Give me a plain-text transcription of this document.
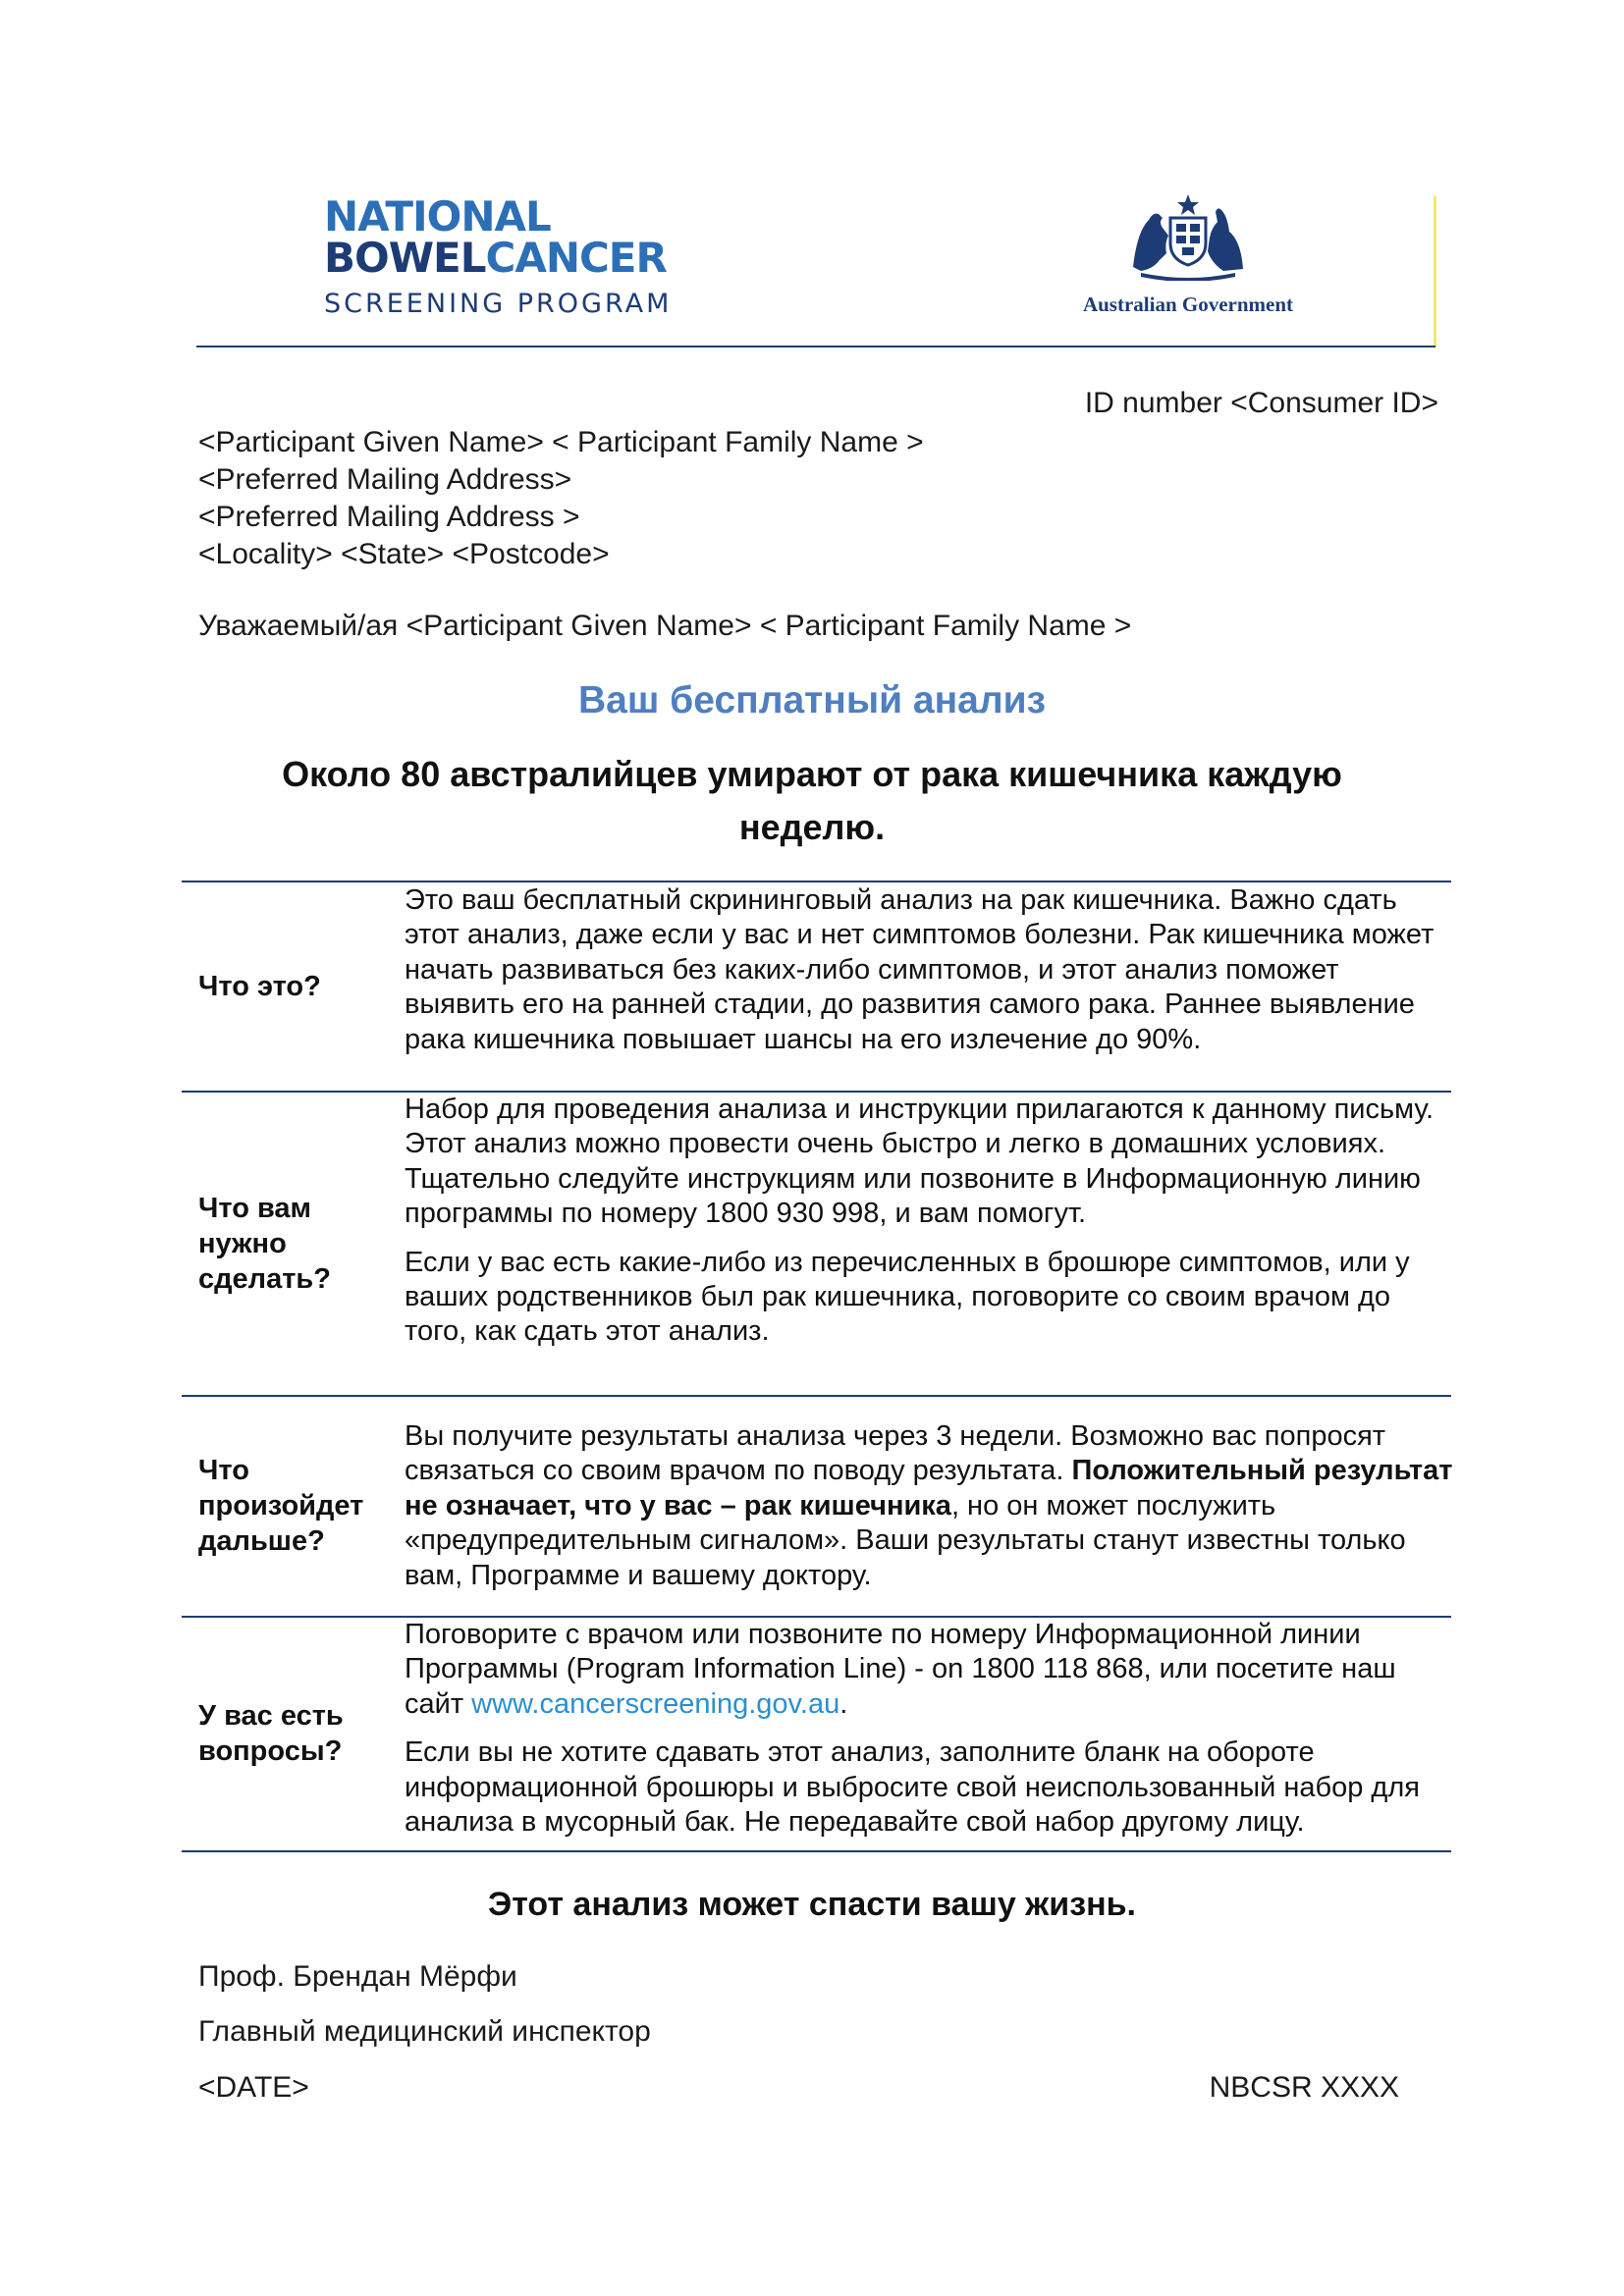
NATIONAL
BOWELCANCER
SCREENING PROGRAM	Australian Government
ID number <Consumer ID>
<Participant Given Name> < Participant Family Name >
<Preferred Mailing Address>
<Preferred Mailing Address >
<Locality> <State> <Postcode>
Уважаемый/ая <Participant Given Name> < Participant Family Name >
Ваш бесплатный анализ
Около 80 австралийцев умирают от рака кишечника каждую неделю.
Что это?

Это ваш бесплатный скрининговый анализ на рак кишечника. Важно сдать этот анализ, даже если у вас и нет симптомов болезни. Рак кишечника может начать развиваться без каких-либо симптомов, и этот анализ поможет выявить его на ранней стадии, до развития самого рака. Раннее выявление рака кишечника повышает шансы на его излечение до 90%.

Что вам нужно сделать?

Набор для проведения анализа и инструкции прилагаются к данному письму. Этот анализ можно провести очень быстро и легко в домашних условиях. Тщательно следуйте инструкциям или позвоните в Информационную линию программы по номеру 1800 930 998, и вам помогут.

Если у вас есть какие-либо из перечисленных в брошюре симптомов, или у ваших родственников был рак кишечника, поговорите со своим врачом до того, как сдать этот анализ.

Что произойдет дальше?

Вы получите результаты анализа через 3 недели. Возможно вас попросят связаться со своим врачом по поводу результата. Положительный результат не означает, что у вас – рак кишечника, но он может послужить «предупредительным сигналом». Ваши результаты станут известны только вам, Программе и вашему доктору.

У вас есть вопросы?

Поговорите с врачом или позвоните по номеру Информационной линии Программы (Program Information Line) - on 1800 118 868, или посетите наш сайт www.cancerscreening.gov.au.

Если вы не хотите сдавать этот анализ, заполните бланк на обороте информационной брошюры и выбросите свой неиспользованный набор для анализа в мусорный бак. Не передавайте свой набор другому лицу.

Этот анализ может спасти вашу жизнь.
Проф. Брендан Мёрфи
Главный медицинский инспектор
<DATE>	NBCSR XXXX
